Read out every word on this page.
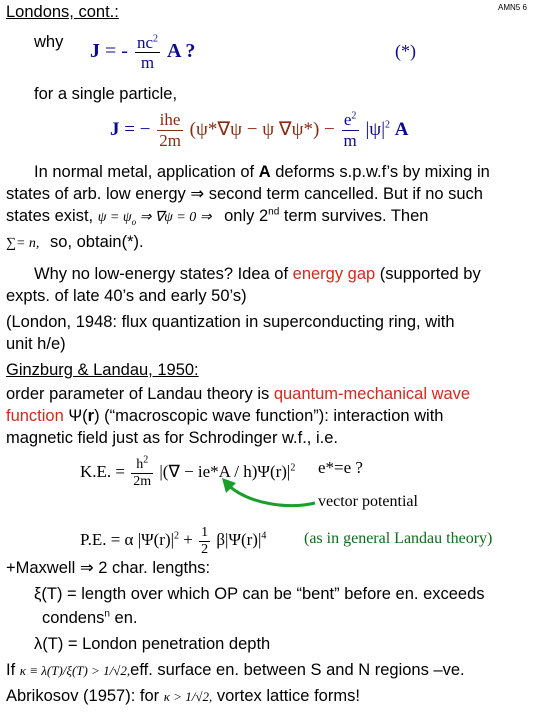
Londons, cont.:	AMN5 6
why J = - $\frac{nc^2}{m}$ A ?	(*)
for a single particle,
J = − $\frac{\text{ihe}}{2m} (\psi*\nabla\psi - \psi$ $\nabla\psi*) - \frac{e^2}{m} |\psi|^2$ A
In normal metal, application of A deforms s.p.w.f’s by mixing in
states of arb. low energy ⇒ second term cancelled. But if no such
states exist, $\psi = \psi_o$ ⇒ ∇ψ = 0 ⇒ only 2nd term survives. Then
∑= n, so, obtain(*).
Why no low-energy states? Idea of energy gap (supported by
expts. of late 40’s and early 50’s)
(London, 1948: flux quantization in superconducting ring, with
unit h/e)
Ginzburg & Landau, 1950:
order parameter of Landau theory is quantum-mechanical wave
function Ψ(r) (“macroscopic wave function”): interaction with
magnetic field just as for Schrodinger w.f., i.e.
K.E. = $\frac{h^2}{2m}$ |(∇ − $ie*A / h)\Psi(r)|^2$ e*=e ?
vector potential
P.E. = α $|\Psi(r)|^2 + \frac{1}{2} \beta|\Psi(r)|^4$ (as in general Landau theory)
+Maxwell ⇒ 2 char. lengths:
ξ(T) = length over which OP can be “bent” before en. exceeds
condens$^n$ en.
λ(T) = London penetration depth
If κ ≡ λ(T)/ξ(T) > 1/√2,eff. surface en. between S and N regions –ve.
Abrikosov (1957): for κ > 1/√2, vortex lattice forms!
